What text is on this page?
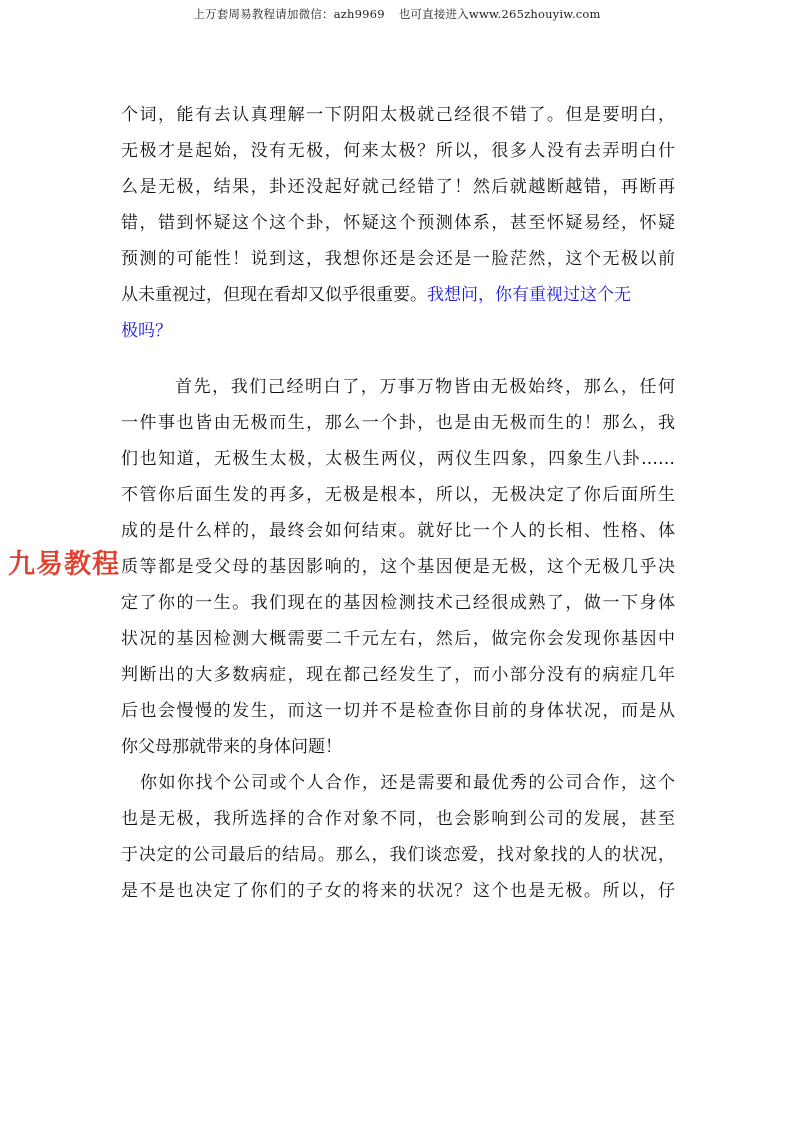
上万套周易教程请加微信：azh9969 也可直接进入www.265zhouyiw.com
个词，能有去认真理解一下阴阳太极就己经很不错了。但是要明白，
无极才是起始，没有无极，何来太极？所以，很多人没有去弄明白什
么是无极，结果，卦还没起好就己经错了！然后就越断越错，再断再
错，错到怀疑这个这个卦，怀疑这个预测体系，甚至怀疑易经，怀疑
预测的可能性！说到这，我想你还是会还是一脸茫然，这个无极以前
从未重视过，但现在看却又似乎很重要。我想问，你有重视过这个无
极吗？
首先，我们己经明白了，万事万物皆由无极始终，那么，任何
一件事也皆由无极而生，那么一个卦，也是由无极而生的！那么，我
们也知道，无极生太极，太极生两仪，两仪生四象，四象生八卦……
不管你后面生发的再多，无极是根本，所以，无极决定了你后面所生
成的是什么样的，最终会如何结束。就好比一个人的长相、性格、体
质等都是受父母的基因影响的，这个基因便是无极，这个无极几乎决
定了你的一生。我们现在的基因检测技术己经很成熟了，做一下身体
状况的基因检测大概需要二千元左右，然后，做完你会发现你基因中
判断出的大多数病症，现在都己经发生了，而小部分没有的病症几年
后也会慢慢的发生，而这一切并不是检查你目前的身体状况，而是从
你父母那就带来的身体问题！
你如你找个公司或个人合作，还是需要和最优秀的公司合作，这个
也是无极，我所选择的合作对象不同，也会影响到公司的发展，甚至
于决定的公司最后的结局。那么，我们谈恋爱，找对象找的人的状况，
是不是也决定了你们的子女的将来的状况？这个也是无极。所以，仔
九易教程
